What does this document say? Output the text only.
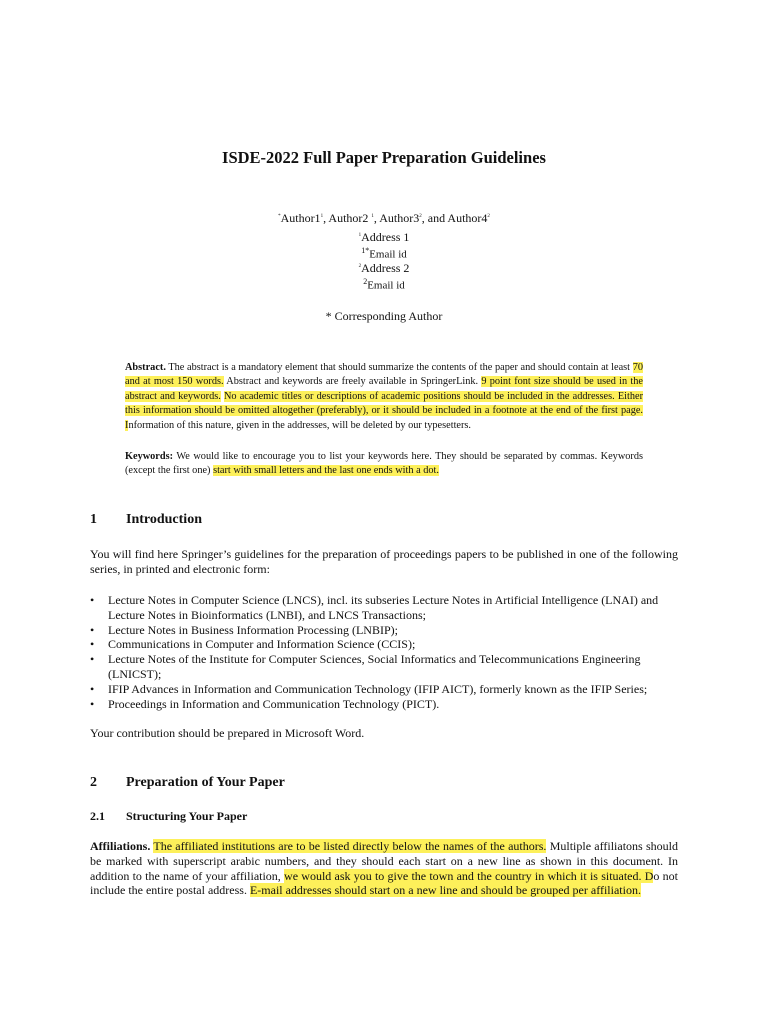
ISDE-2022 Full Paper Preparation Guidelines
$^*Author1^1$, Author2 $^1$, $Author3^2$, and $Author4^2$
$^1$Address 1
$^{1*}$Email id
$^2$Address 2
$^2$Email id
* Corresponding Author

Abstract. The abstract is a mandatory element that should summarize the contents of the paper and should contain at least 70 and at most 150 words. Abstract and keywords are freely available in SpringerLink. 9 point font size should be used in the abstract and keywords. No academic titles or descriptions of academic positions should be included in the addresses. Either this information should be omitted altogether (preferably), or it should be included in a footnote at the end of the first page. Information of this nature, given in the addresses, will be deleted by our typesetters.

Keywords: We would like to encourage you to list your keywords here. They should be separated by commas. Keywords (except the first one) start with small letters and the last one ends with a dot.

1 Introduction

You will find here Springer’s guidelines for the preparation of proceedings papers to be published in one of the following series, in printed and electronic form:

• Lecture Notes in Computer Science (LNCS), incl. its subseries Lecture Notes in Artificial Intelligence (LNAI) and Lecture Notes in Bioinformatics (LNBI), and LNCS Transactions;
• Lecture Notes in Business Information Processing (LNBIP);
• Communications in Computer and Information Science (CCIS);
• Lecture Notes of the Institute for Computer Sciences, Social Informatics and Telecommunications Engineering (LNICST);
• IFIP Advances in Information and Communication Technology (IFIP AICT), formerly known as the IFIP Series;
• Proceedings in Information and Communication Technology (PICT).

Your contribution should be prepared in Microsoft Word.

2 Preparation of Your Paper
2.1 Structuring Your Paper

Affiliations. The affiliated institutions are to be listed directly below the names of the authors. Multiple affiliatons should be marked with superscript arabic numbers, and they should each start on a new line as shown in this document. In addition to the name of your affiliation, we would ask you to give the town and the country in which it is situated. Do not include the entire postal address. E-mail addresses should start on a new line and should be grouped per affiliation.
